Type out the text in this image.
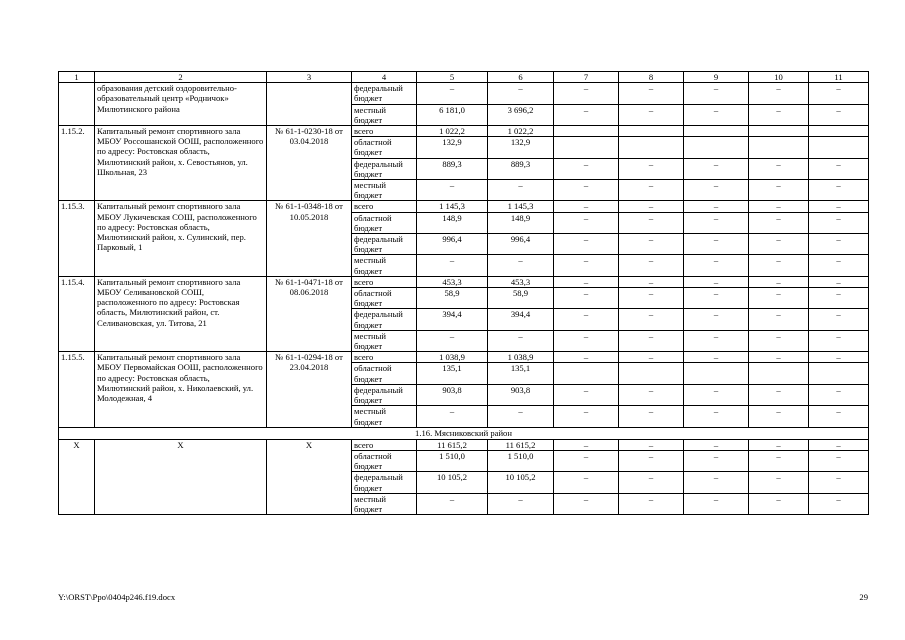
1	2	3	4	5	6	7	8	9	10	11
	образования детский оздоровительно-образовательный центр «Родничок» Милютинского района		федеральный бюджет	–	–	–	–	–	–	–
			местный бюджет	6 181,0	3 696,2	–	–	–	–	–
1.15.2.	Капитальный ремонт спортивного зала МБОУ Россошанской ООШ, расположенного по адресу: Ростовская область, Милютинский район, х. Севостьянов, ул. Школьная, 23	№ 61-1-0230-18 от 03.04.2018	всего	1 022,2	1 022,2					
			областной бюджет	132,9	132,9					
			федеральный бюджет	889,3	889,3	–	–	–	–	–
			местный бюджет	–	–	–	–	–	–	–
1.15.3.	Капитальный ремонт спортивного зала МБОУ Лукичевская СОШ, расположенного по адресу: Ростовская область, Милютинский район, х. Сулинский, пер. Парковый, 1	№ 61-1-0348-18 от 10.05.2018	всего	1 145,3	1 145,3	–	–	–	–	–
			областной бюджет	148,9	148,9	–	–	–	–	–
			федеральный бюджет	996,4	996,4	–	–	–	–	–
			местный бюджет	–	–	–	–	–	–	–
1.15.4.	Капитальный ремонт спортивного зала МБОУ Селивановской СОШ, расположенного по адресу: Ростовская область, Милютинский район, ст. Селивановская, ул. Титова, 21	№ 61-1-0471-18 от 08.06.2018	всего	453,3	453,3	–	–	–	–	–
			областной бюджет	58,9	58,9	–	–	–	–	–
			федеральный бюджет	394,4	394,4	–	–	–	–	–
			местный бюджет	–	–	–	–	–	–	–
1.15.5.	Капитальный ремонт спортивного зала МБОУ Первомайская ООШ, расположенного по адресу: Ростовская область, Милютинский район, х. Николаевский, ул. Молодежная, 4	№ 61-1-0294-18 от 23.04.2018	всего	1 038,9	1 038,9	–	–	–	–	–
			областной бюджет	135,1	135,1					
			федеральный бюджет	903,8	903,8	–	–	–	–	–
			местный бюджет	–	–	–	–	–	–	–
1.16. Мясниковский район										
X	X	X	всего	11 615,2	11 615,2	–	–	–	–	–
			областной бюджет	1 510,0	1 510,0	–	–	–	–	–
			федеральный бюджет	10 105,2	10 105,2	–	–	–	–	–
			местный бюджет	–	–	–	–	–	–	–
Y:\ORST\Ppo\0404p246.f19.docx	29
